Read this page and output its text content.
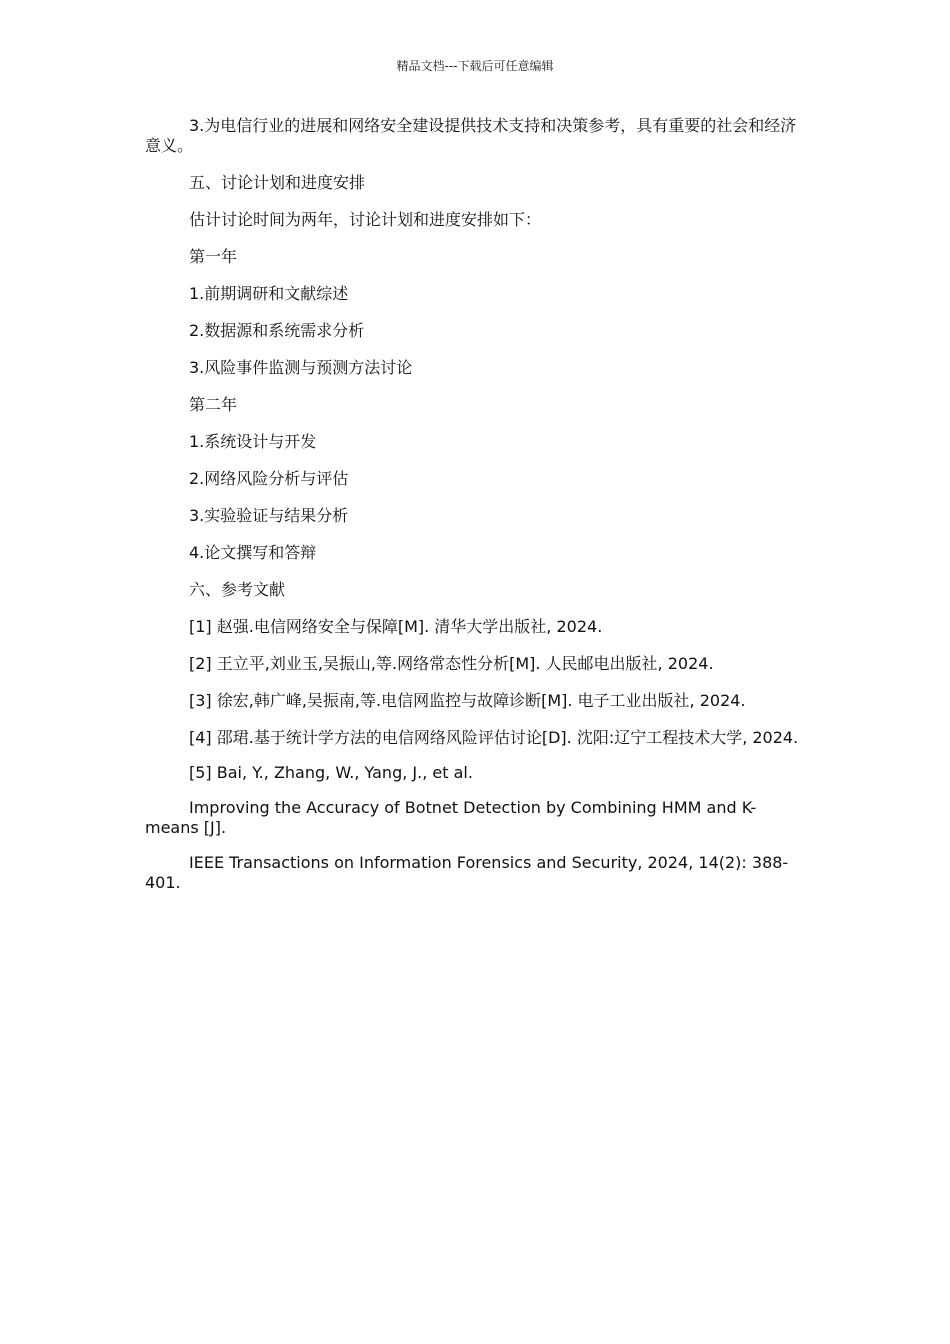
精品文档---下载后可任意编辑

3.为电信行业的进展和网络安全建设提供技术支持和决策参考，具有重要的社会和经济意义。

五、讨论计划和进度安排

估计讨论时间为两年，讨论计划和进度安排如下：

第一年

1.前期调研和文献综述

2.数据源和系统需求分析

3.风险事件监测与预测方法讨论

第二年

1.系统设计与开发

2.网络风险分析与评估

3.实验验证与结果分析

4.论文撰写和答辩

六、参考文献

[1] 赵强.电信网络安全与保障[M]. 清华大学出版社, 2024.

[2] 王立平,刘业玉,吴振山,等.网络常态性分析[M]. 人民邮电出版社, 2024.

[3] 徐宏,韩广峰,吴振南,等.电信网监控与故障诊断[M]. 电子工业出版社, 2024.

[4] 邵珺.基于统计学方法的电信网络风险评估讨论[D]. 沈阳:辽宁工程技术大学, 2024.

[5] Bai, Y., Zhang, W., Yang, J., et al.

Improving the Accuracy of Botnet Detection by Combining HMM and K-means [J].

IEEE Transactions on Information Forensics and Security, 2024, 14(2): 388-401.
